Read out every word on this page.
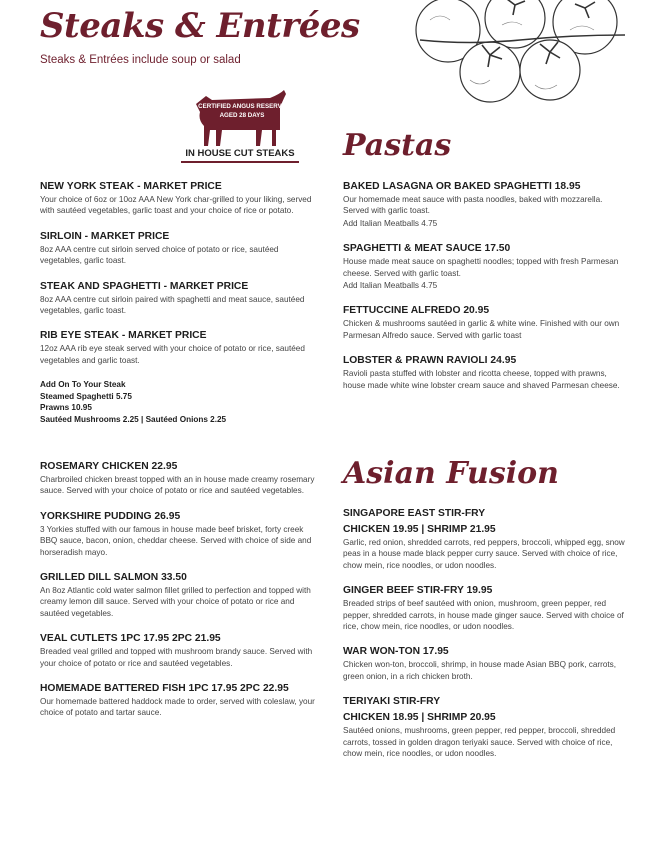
Steaks & Entrées
Steaks & Entrées include soup or salad
CERTIFIED ANGUS RESERVE
AGED 28 DAYS
IN HOUSE CUT STEAKS Pastas
Asian Fusion
NEW YORK STEAK - MARKET PRICE
Your choice of 6oz or 10oz AAA New York char-grilled to your liking, served with sautéed vegetables, garlic toast and your choice of rice or potato.
SIRLOIN - MARKET PRICE
8oz AAA centre cut sirloin served choice of potato or rice, sautéed vegetables, garlic toast.
STEAK AND SPAGHETTI - MARKET PRICE
8oz AAA centre cut sirloin paired with spaghetti and meat sauce, sautéed vegetables, garlic toast.
RIB EYE STEAK - MARKET PRICE
12oz AAA rib eye steak served with your choice of potato or rice, sautéed vegetables and garlic toast.
Add On To Your Steak
Steamed Spaghetti 5.75
Prawns 10.95
Sautéed Mushrooms 2.25 | Sautéed Onions 2.25
ROSEMARY CHICKEN 22.95
Charbroiled chicken breast topped with an in house made creamy rosemary sauce. Served with your choice of potato or rice and sautéed vegetables.
YORKSHIRE PUDDING 26.95
3 Yorkies stuffed with our famous in house made beef brisket, forty creek BBQ sauce, bacon, onion, cheddar cheese. Served with choice of side and horseradish mayo.
GRILLED DILL SALMON 33.50
An 8oz Atlantic cold water salmon fillet grilled to perfection and topped with creamy lemon dill sauce. Served with your choice of potato or rice and sautéed vegetables.
VEAL CUTLETS 1PC 17.95 2PC 21.95
Breaded veal grilled and topped with mushroom brandy sauce. Served with your choice of potato or rice and sautéed vegetables.
HOMEMADE BATTERED FISH 1PC 17.95 2PC 22.95
Our homemade battered haddock made to order, served with coleslaw, your choice of potato and tartar sauce.
BAKED LASAGNA OR BAKED SPAGHETTI 18.95
Our homemade meat sauce with pasta noodles, baked with mozzarella. Served with garlic toast.
Add Italian Meatballs 4.75
SPAGHETTI & MEAT SAUCE 17.50
House made meat sauce on spaghetti noodles; topped with fresh Parmesan cheese. Served with garlic toast.
Add Italian Meatballs 4.75
FETTUCCINE ALFREDO 20.95
Chicken & mushrooms sautéed in garlic & white wine. Finished with our own Parmesan Alfredo sauce. Served with garlic toast
LOBSTER & PRAWN RAVIOLI 24.95
Ravioli pasta stuffed with lobster and ricotta cheese, topped with prawns, house made white wine lobster cream sauce and shaved Parmesan cheese.
SINGAPORE EAST STIR-FRY
CHICKEN 19.95 | SHRIMP 21.95
Garlic, red onion, shredded carrots, red peppers, broccoli, whipped egg, snow peas in a house made black pepper curry sauce. Served with choice of rice, chow mein, rice noodles, or udon noodles.
GINGER BEEF STIR-FRY 19.95
Breaded strips of beef sautéed with onion, mushroom, green pepper, red pepper, shredded carrots, in house made ginger sauce. Served with choice of rice, chow mein, rice noodles, or udon noodles.
WAR WON-TON 17.95
Chicken won-ton, broccoli, shrimp, in house made Asian BBQ pork, carrots, green onion, in a rich chicken broth.
TERIYAKI STIR-FRY
CHICKEN 18.95 | SHRIMP 20.95
Sautéed onions, mushrooms, green pepper, red pepper, broccoli, shredded carrots, tossed in golden dragon teriyaki sauce. Served with choice of rice, chow mein, rice noodles, or udon noodles.
